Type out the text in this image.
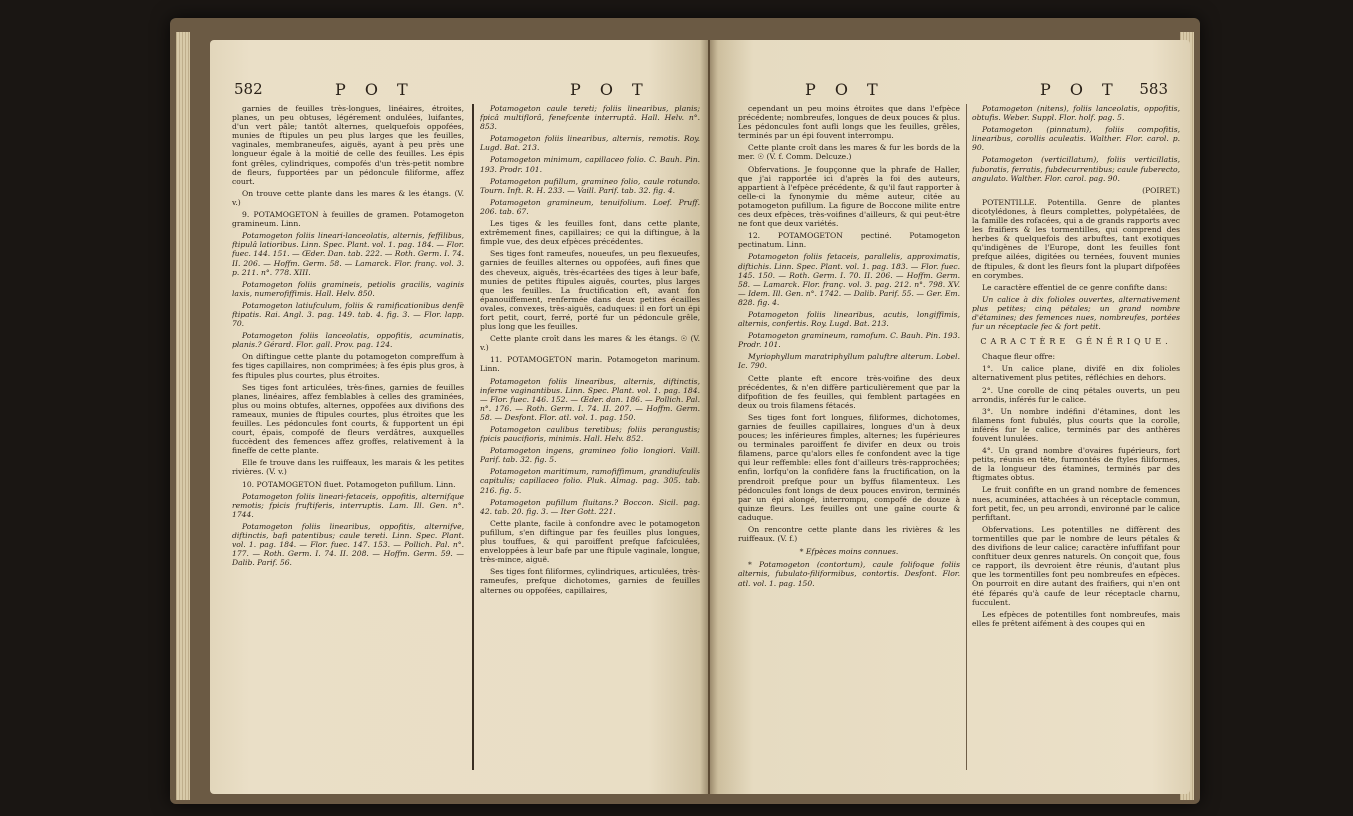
582	P O T	P O T

garnies de feuilles très-longues, linéaires, étroites, planes, un peu obtuses, légérement ondulées, luifantes, d'un vert pâle; tantôt alternes, quelquefois oppofées, munies de ftipules un peu plus larges que les feuilles, vaginales, membraneufes, aiguës, ayant à peu près une longueur égale à la moitié de celle des feuilles. Les épis font grêles, cylindriques, compofés d'un très-petit nombre de fleurs, fupportées par un pédoncule filiforme, affez court.

On trouve cette plante dans les mares & les étangs. (V. v.)

9. POTAMOGETON à feuilles de gramen. Potamogeton gramineum. Linn.

Potamogeton foliis lineari-lanceolatis, alternis, feffilibus, ftipulâ latioribus. Linn. Spec. Plant. vol. 1. pag. 184. — Flor. fuec. 144. 151. — Œder. Dan. tab. 222. — Roth. Germ. I. 74. II. 206. — Hoffm. Germ. 58. — Lamarck. Flor. franç. vol. 3. p. 211. n°. 778. XIII.

Potamogeton foliis gramineis, petiolis gracilis, vaginis laxis, numerofiffimis. Hall. Helv. 850.

Potamogeton latiufculum, foliis & ramificationibus denfè ftipatis. Rai. Angl. 3. pag. 149. tab. 4. fig. 3. — Flor. lapp. 70.

Potamogeton foliis lanceolatis, oppofitis, acuminatis, planis.? Gérard. Flor. gall. Prov. pag. 124.

On diftingue cette plante du potamogeton compreffum à fes tiges capillaires, non comprimées; à fes épis plus gros, à fes ftipules plus courtes, plus étroites.

Ses tiges font articulées, très-fines, garnies de feuilles planes, linéaires, affez femblables à celles des graminées, plus ou moins obtufes, alternes, oppofées aux divifions des rameaux, munies de ftipules courtes, plus étroites que les feuilles. Les pédoncules font courts, & fupportent un épi court, épais, compofé de fleurs verdâtres, auxquelles fuccèdent des femences affez groffes, relativement à la fineffe de cette plante.

Elle fe trouve dans les ruiffeaux, les marais & les petites rivières. (V. v.)

10. POTAMOGETON fluet. Potamogeton pufillum. Linn.

Potamogeton foliis lineari-fetaceis, oppofitis, alternifque remotis; fpicis fruftiferis, interruptis. Lam. Ill. Gen. n°. 1744.

Potamogeton foliis linearibus, oppofitis, alternifve, diftinctis, bafi patentibus; caule tereti. Linn. Spec. Plant. vol. 1. pag. 184. — Flor. fuec. 147. 153. — Pollich. Pal. n°. 177. — Roth. Germ. I. 74. II. 208. — Hoffm. Germ. 59. — Dalib. Parif. 56.

Potamogeton caule tereti; foliis linearibus, planis; fpicâ multiflorâ, fenefcente interruptâ. Hall. Helv. n°. 853.

Potamogeton foliis linearibus, alternis, remotis. Roy. Lugd. Bat. 213.

Potamogeton minimum, capillaceo folio. C. Bauh. Pin. 193. Prodr. 101.

Potamogeton pufillum, gramineo folio, caule rotundo. Tourn. Inft. R. H. 233. — Vaill. Parif. tab. 32. fig. 4.

Potamogeton gramineum, tenuifolium. Loef. Pruff. 206. tab. 67.

Les tiges & les feuilles font, dans cette plante, extrêmement fines, capillaires; ce qui la diftingue, à la fimple vue, des deux efpèces précédentes.

Ses tiges font rameufes, noueufes, un peu flexueufes, garnies de feuilles alternes ou oppofées, aufi fines que des cheveux, aiguës, très-écartées des tiges à leur bafe, munies de petites ftipules aiguës, courtes, plus larges que les feuilles. La fructification eft, avant fon épanouiffement, renfermée dans deux petites écailles ovales, convexes, très-aiguës, caduques: il en fort un épi fort petit, court, ferré, porté fur un pédoncule grêle, plus long que les feuilles.

Cette plante croît dans les mares & les étangs. ☉ (V. v.)

11. POTAMOGETON marin. Potamogeton marinum. Linn.

Potamogeton foliis linearibus, alternis, diftinctis, inferne vaginantibus. Linn. Spec. Plant. vol. 1. pag. 184. — Flor. fuec. 146. 152. — Œder. dan. 186. — Pollich. Pal. n°. 176. — Roth. Germ. I. 74. II. 207. — Hoffm. Germ. 58. — Desfont. Flor. atl. vol. 1. pag. 150.

Potamogeton caulibus teretibus; foliis perangustis; fpicis paucifioris, minimis. Hall. Helv. 852.

Potamogeton ingens, gramineo folio longiori. Vaill. Parif. tab. 32. fig. 5.

Potamogeton maritimum, ramofiffimum, grandiufculis capitulis; capillaceo folio. Pluk. Almag. pag. 305. tab. 216. fig. 5.

Potamogeton pufillum fluitans.? Boccon. Sicil. pag. 42. tab. 20. fig. 3. — Iter Gott. 221.

Cette plante, facile à confondre avec le potamogeton pufillum, s'en diftingue par fes feuilles plus longues, plus touffues, & qui paroiffent prefque fafciculées, enveloppées à leur bafe par une ftipule vaginale, longue, très-mince, aiguë.

Ses tiges font filiformes, cylindriques, articulées, très-rameufes, prefque dichotomes, garnies de feuilles alternes ou oppofées, capillaires,

583
P O T	P O T

cependant un peu moins étroites que dans l'efpèce précédente; nombreufes, longues de deux pouces & plus. Les pédoncules font aufli longs que les feuilles, grêles, terminés par un épi fouvent interrompu.

Cette plante croît dans les mares & fur les bords de la mer. ☉ (V. f. Comm. Delcuze.)

Obfervations. Je foupçonne que la phrafe de Haller, que j'ai rapportée ici d'après la foi des auteurs, appartient à l'efpèce précédente, & qu'il faut rapporter à celle-ci la fynonymie du même auteur, citée au potamogeton pufillum. La figure de Boccone milite entre ces deux efpèces, très-voifines d'ailleurs, & qui peut-être ne font que deux variétés.

12. POTAMOGETON pectiné. Potamogeton pectinatum. Linn.

Potamogeton foliis fetaceis, parallelis, approximatis, diftichis. Linn. Spec. Plant. vol. 1. pag. 183. — Flor. fuec. 145. 150. — Roth. Germ. I. 70. II. 206. — Hoffm. Germ. 58. — Lamarck. Flor. franç. vol. 3. pag. 212. n°. 798. XV. — Idem. Ill. Gen. n°. 1742. — Dalib. Parif. 55. — Ger. Em. 828. fig. 4.

Potamogeton foliis linearibus, acutis, longiffimis, alternis, confertis. Roy. Lugd. Bat. 213.

Potamogeton gramineum, ramofum. C. Bauh. Pin. 193. Prodr. 101.

Myriophyllum maratriphyllum paluftre alterum. Lobel. Ic. 790.

Cette plante eft encore très-voifine des deux précédentes, & n'en diffère particulièrement que par la difpofition de fes feuilles, qui femblent partagées en deux ou trois filamens fétacés.

Ses tiges font fort longues, filiformes, dichotomes, garnies de feuilles capillaires, longues d'un à deux pouces; les inférieures fimples, alternes; les fupérieures ou terminales paroiffent fe divifer en deux ou trois filamens, parce qu'alors elles fe confondent avec la tige qui leur reffemble: elles font d'ailleurs très-rapprochées; enfin, lorfqu'on la confidère fans la fructification, on la prendroit prefque pour un byffus filamenteux. Les pédoncules font longs de deux pouces environ, terminés par un épi alongé, interrompu, compofé de douze à quinze fleurs. Les feuilles ont une gaîne courte & caduque.

On rencontre cette plante dans les rivières & les ruiffeaux. (V. f.)

* Efpèces moins connues.

* Potamogeton (contortum), caule folifoque foliis alternis, fubulato-filiformibus, contortis. Desfont. Flor. atl. vol. 1. pag. 150.

Potamogeton (nitens), foliis lanceolatis, oppofitis, obtufis. Weber. Suppl. Flor. holf. pag. 5.

Potamogeton (pinnatum), foliis compofitis, linearibus, corollis aculeatis. Walther. Flor. carol. p. 90.

Potamogeton (verticillatum), foliis verticillatis, fuboratis, ferratis, fubdecurrentibus; caule fuberecto, angulato. Walther. Flor. carol. pag. 90.

(POIRET.)

POTENTILLE. Potentilla. Genre de plantes dicotylédones, à fleurs complettes, polypétalées, de la famille des rofacées, qui a de grands rapports avec les fraifiers & les tormentilles, qui comprend des herbes & quelquefois des arbuftes, tant exotiques qu'indigènes de l'Europe, dont les feuilles font prefque ailées, digitées ou ternées, fouvent munies de ftipules, & dont les fleurs font la plupart difpofées en corymbes.

Le caractère effentiel de ce genre confifte dans:

Un calice à dix folioles ouvertes, alternativement plus petites; cinq pétales; un grand nombre d'étamines; des femences nues, nombreufes, portées fur un réceptacle fec & fort petit.

CARACTÈRE GÉNÉRIQUE.

Chaque fleur offre:

1°. Un calice plane, divifé en dix folioles alternativement plus petites, réfléchies en dehors.

2°. Une corolle de cinq pétales ouverts, un peu arrondis, inférés fur le calice.

3°. Un nombre indéfini d'étamines, dont les filamens font fubulés, plus courts que la corolle, inférés fur le calice, terminés par des anthères fouvent lunulées.

4°. Un grand nombre d'ovaires fupérieurs, fort petits, réunis en tête, furmontés de ftyles filiformes, de la longueur des étamines, terminés par des ftigmates obtus.

Le fruit confifte en un grand nombre de femences nues, acuminées, attachées à un réceptacle commun, fort petit, fec, un peu arrondi, environné par le calice perfiftant.

Obfervations. Les potentilles ne diffèrent des tormentilles que par le nombre de leurs pétales & des divifions de leur calice; caractère infuffifant pour conftituer deux genres naturels. On conçoit que, fous ce rapport, ils devroient être réunis, d'autant plus que les tormentilles font peu nombreufes en efpèces. On pourroit en dire autant des fraifiers, qui n'en ont été féparés qu'à caufe de leur réceptacle charnu, fucculent.

Les efpèces de potentilles font nombreufes, mais elles fe prêtent aifément à des coupes qui en
